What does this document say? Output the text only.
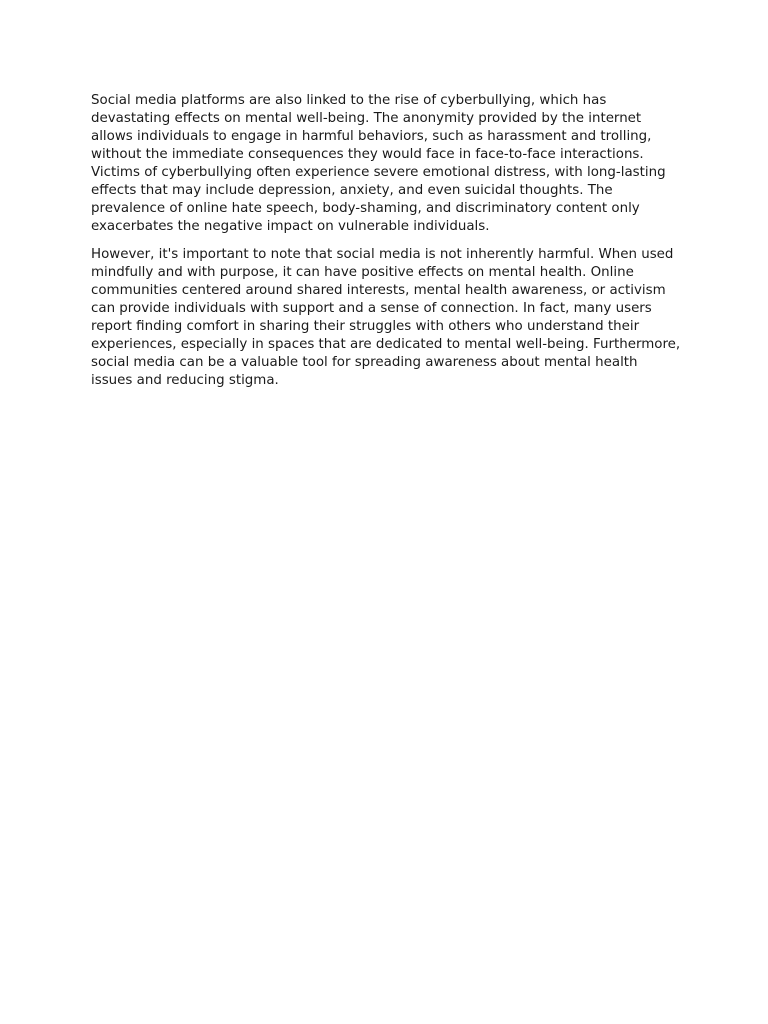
Social media platforms are also linked to the rise of cyberbullying, which has devastating effects on mental well-being. The anonymity provided by the internet allows individuals to engage in harmful behaviors, such as harassment and trolling, without the immediate consequences they would face in face-to-face interactions. Victims of cyberbullying often experience severe emotional distress, with long-lasting effects that may include depression, anxiety, and even suicidal thoughts. The prevalence of online hate speech, body-shaming, and discriminatory content only exacerbates the negative impact on vulnerable individuals.

However, it's important to note that social media is not inherently harmful. When used mindfully and with purpose, it can have positive effects on mental health. Online communities centered around shared interests, mental health awareness, or activism can provide individuals with support and a sense of connection. In fact, many users report finding comfort in sharing their struggles with others who understand their experiences, especially in spaces that are dedicated to mental well-being. Furthermore, social media can be a valuable tool for spreading awareness about mental health issues and reducing stigma.
